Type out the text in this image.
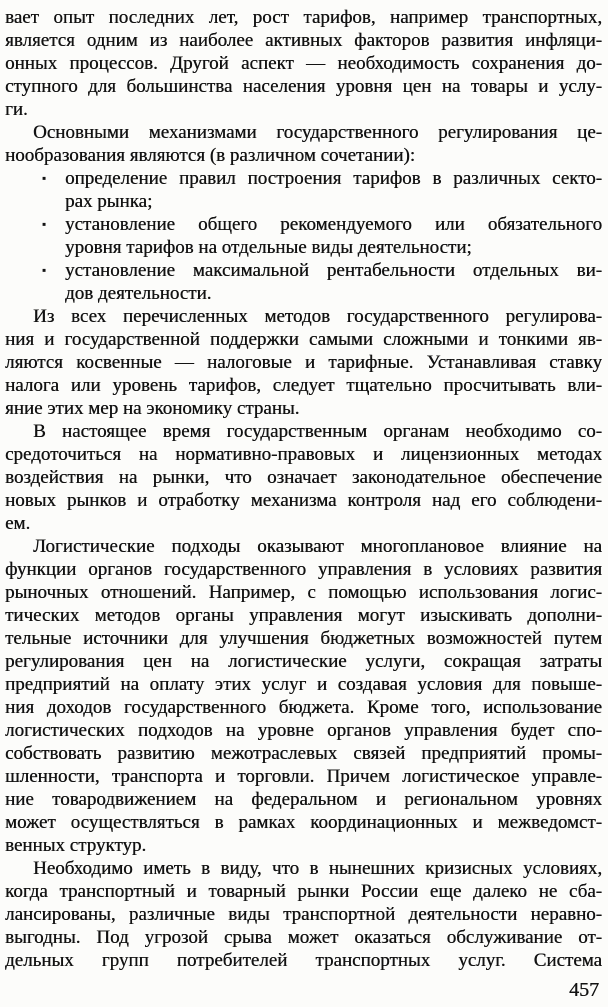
вает опыт последних лет, рост тарифов, например транспортных,
является одним из наиболее активных факторов развития инфляци-
онных процессов. Другой аспект — необходимость сохранения до-
ступного для большинства населения уровня цен на товары и услу-
ги.
Основными механизмами государственного регулирования це-
нообразования являются (в различном сочетании):
▪ определение правил построения тарифов в различных секто-
рах рынка;
▪ установление общего рекомендуемого или обязательного
уровня тарифов на отдельные виды деятельности;
▪ установление максимальной рентабельности отдельных ви-
дов деятельности.
Из всех перечисленных методов государственного регулирова-
ния и государственной поддержки самыми сложными и тонкими яв-
ляются косвенные — налоговые и тарифные. Устанавливая ставку
налога или уровень тарифов, следует тщательно просчитывать вли-
яние этих мер на экономику страны.
В настоящее время государственным органам необходимо со-
средоточиться на нормативно-правовых и лицензионных методах
воздействия на рынки, что означает законодательное обеспечение
новых рынков и отработку механизма контроля над его соблюдени-
ем.
Логистические подходы оказывают многоплановое влияние на
функции органов государственного управления в условиях развития
рыночных отношений. Например, с помощью использования логис-
тических методов органы управления могут изыскивать дополни-
тельные источники для улучшения бюджетных возможностей путем
регулирования цен на логистические услуги, сокращая затраты
предприятий на оплату этих услуг и создавая условия для повыше-
ния доходов государственного бюджета. Кроме того, использование
логистических подходов на уровне органов управления будет спо-
собствовать развитию межотраслевых связей предприятий промы-
шленности, транспорта и торговли. Причем логистическое управле-
ние товародвижением на федеральном и региональном уровнях
может осуществляться в рамках координационных и межведомст-
венных структур.
Необходимо иметь в виду, что в нынешних кризисных условиях,
когда транспортный и товарный рынки России еще далеко не сба-
лансированы, различные виды транспортной деятельности неравно-
выгодны. Под угрозой срыва может оказаться обслуживание от-
дельных групп потребителей транспортных услуг. Система
457
